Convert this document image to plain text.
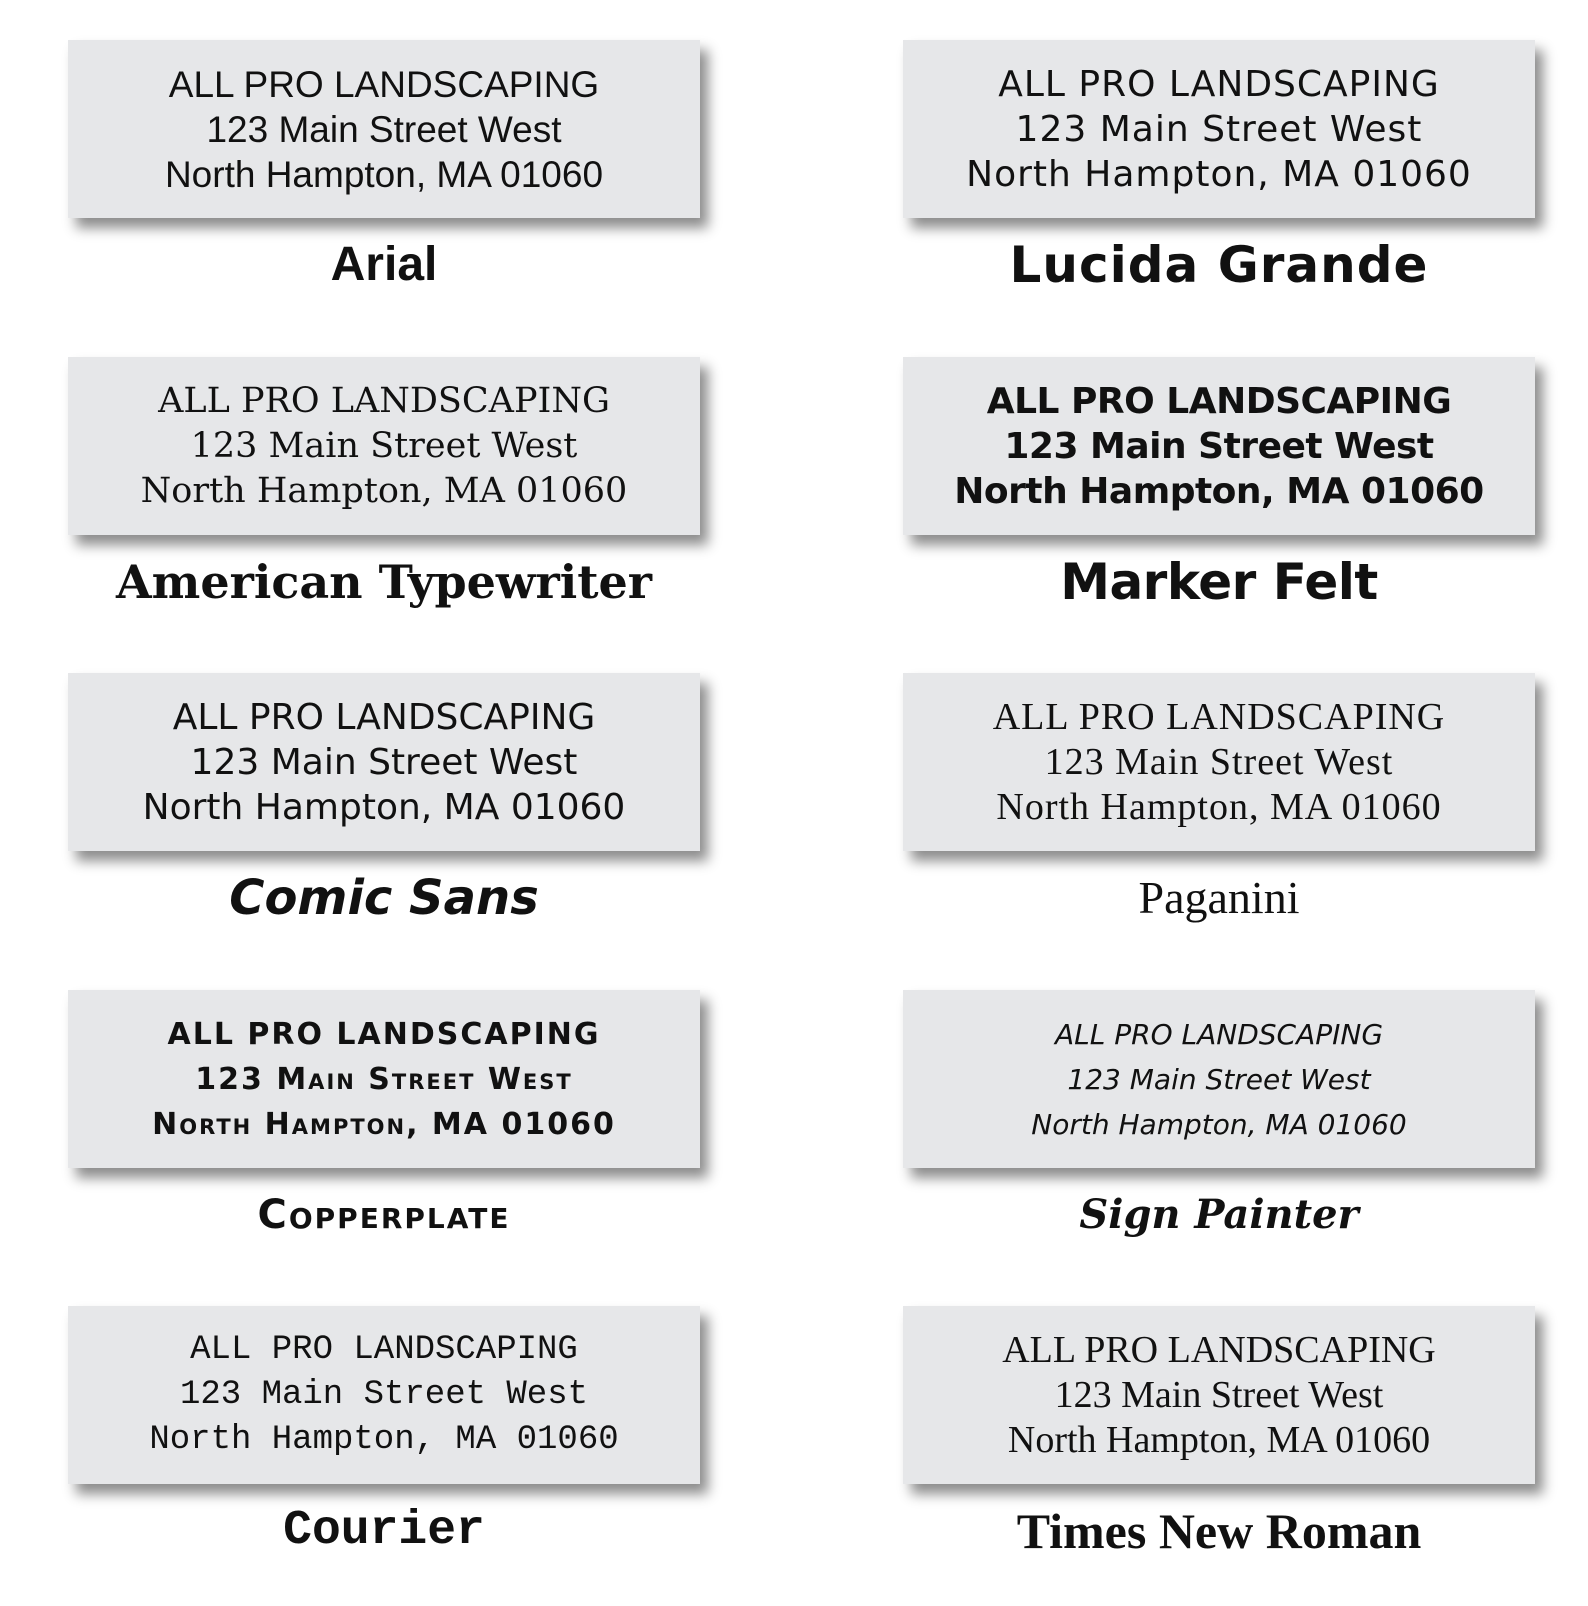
ALL PRO LANDSCAPING
123 Main Street West
North Hampton, MA 01060
Arial
ALL PRO LANDSCAPING
123 Main Street West
North Hampton, MA 01060
Lucida Grande
ALL PRO LANDSCAPING
123 Main Street West
North Hampton, MA 01060
American Typewriter
ALL PRO LANDSCAPING
123 Main Street West
North Hampton, MA 01060
Marker Felt
ALL PRO LANDSCAPING
123 Main Street West
North Hampton, MA 01060
Comic Sans
ALL PRO LANDSCAPING
123 Main Street West
North Hampton, MA 01060
Paganini
ALL PRO LANDSCAPING
123 Main Street West
North Hampton, MA 01060
Copperplate
ALL PRO LANDSCAPING
123 Main Street West
North Hampton, MA 01060
Sign Painter
ALL PRO LANDSCAPING
123 Main Street West
North Hampton, MA 01060
Courier
ALL PRO LANDSCAPING
123 Main Street West
North Hampton, MA 01060
Times New Roman
